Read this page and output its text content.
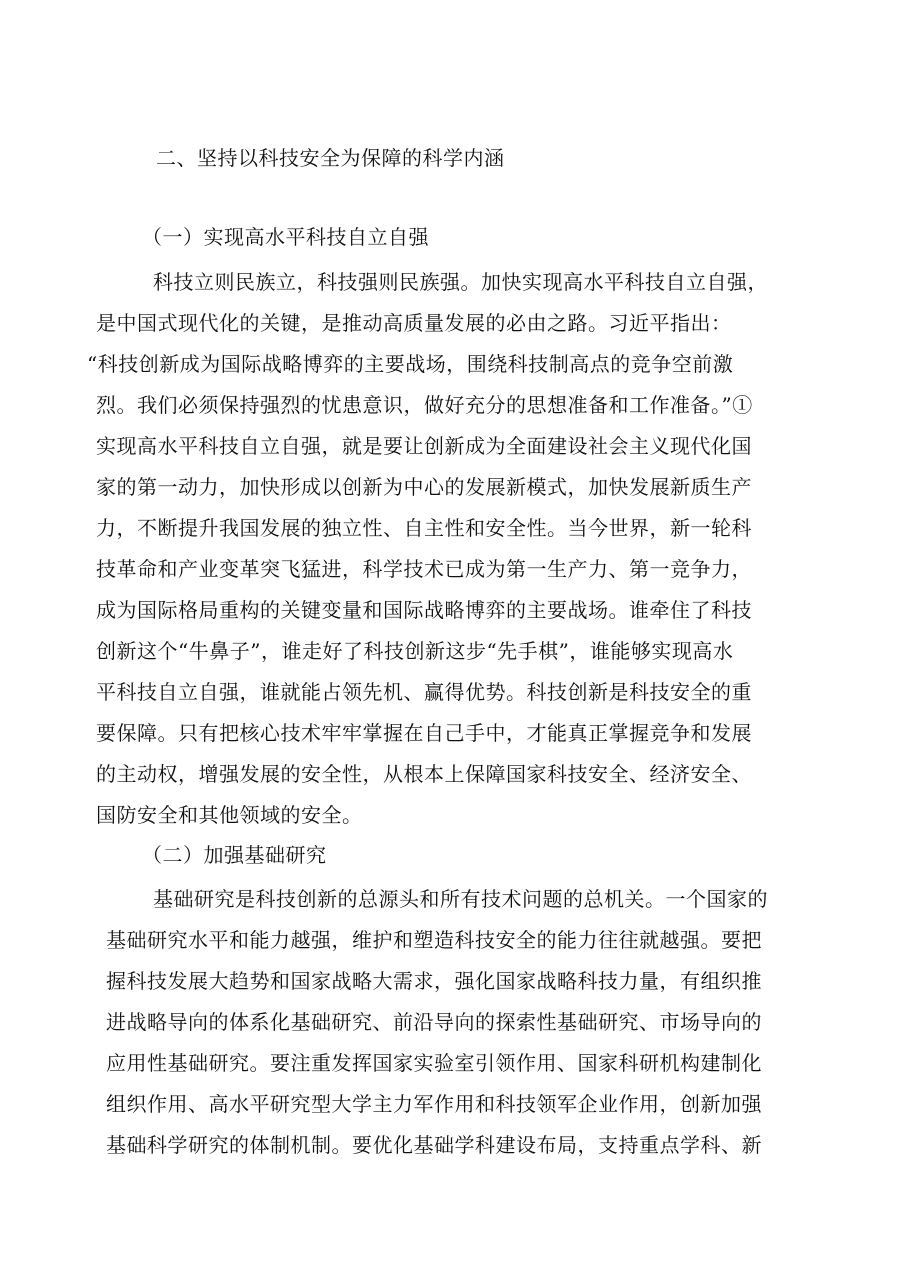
二、坚持以科技安全为保障的科学内涵
（一）实现高水平科技自立自强
科技立则民族立，科技强则民族强。加快实现高水平科技自立自强，
是中国式现代化的关键，是推动高质量发展的必由之路。习近平指出：
“科技创新成为国际战略博弈的主要战场，围绕科技制高点的竞争空前激
烈。我们必须保持强烈的忧患意识，做好充分的思想准备和工作准备。”①
实现高水平科技自立自强，就是要让创新成为全面建设社会主义现代化国
家的第一动力，加快形成以创新为中心的发展新模式，加快发展新质生产
力，不断提升我国发展的独立性、自主性和安全性。当今世界，新一轮科
技革命和产业变革突飞猛进，科学技术已成为第一生产力、第一竞争力，
成为国际格局重构的关键变量和国际战略博弈的主要战场。谁牵住了科技
创新这个“牛鼻子”，谁走好了科技创新这步“先手棋”，谁能够实现高水
平科技自立自强，谁就能占领先机、赢得优势。科技创新是科技安全的重
要保障。只有把核心技术牢牢掌握在自己手中，才能真正掌握竞争和发展
的主动权，增强发展的安全性，从根本上保障国家科技安全、经济安全、
国防安全和其他领域的安全。
（二）加强基础研究
基础研究是科技创新的总源头和所有技术问题的总机关。一个国家的
基础研究水平和能力越强，维护和塑造科技安全的能力往往就越强。要把
握科技发展大趋势和国家战略大需求，强化国家战略科技力量，有组织推
进战略导向的体系化基础研究、前沿导向的探索性基础研究、市场导向的
应用性基础研究。要注重发挥国家实验室引领作用、国家科研机构建制化
组织作用、高水平研究型大学主力军作用和科技领军企业作用，创新加强
基础科学研究的体制机制。要优化基础学科建设布局，支持重点学科、新
